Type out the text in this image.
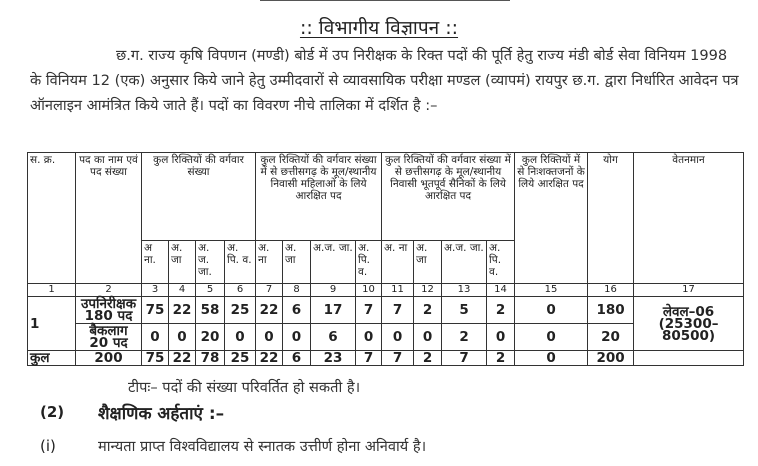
:: विभागीय विज्ञापन ::
छ.ग. राज्य कृषि विपणन (मण्डी) बोर्ड में उप निरीक्षक के रिक्त पदों की पूर्ति हेतु राज्य मंडी बोर्ड सेवा विनियम 1998 के विनियम 12 (एक) अनुसार किये जाने हेतु उम्मीदवारों से व्यावसायिक परीक्षा मण्डल (व्यापमं) रायपुर छ.ग. द्वारा निर्धारित आवेदन पत्र ऑनलाइन आमंत्रित किये जाते हैं। पदों का विवरण नीचे तालिका में दर्शित है :–
स. क्र.	पद का नाम एवं पद संख्या	कुल रिक्तियों की वर्गवार संख्या				कुल रिक्तियों की वर्गवार संख्या में से छत्तीसगढ़ के मूल/स्थानीय निवासी महिलाओं के लिये आरक्षित पद				कुल रिक्तियों की वर्गवार संख्या में से छत्तीसगढ़ के मूल/स्थानीय निवासी भूतपूर्व सैनिकों के लिये आरक्षित पद				कुल रिक्तियों में से निःशक्तजनों के लिये आरक्षित पद	योग	वेतनमान
		अ ना.	अ. जा	अ. ज. जा.	अ. पि. व.	अ. ना	अ. जा	अ.ज. जा.	अ. पि. व.	अ. ना	अ. जा	अ.ज. जा.	अ. पि. व.			
1	2	3	4	5	6	7	8	9	10	11	12	13	14	15	16	17
1	उपनिरीक्षक 180 पद	75	22	58	25	22	6	17	7	7	2	5	2	0	180	लेवल–06 (25300–80500)
	बैकलाग 20 पद	0	0	20	0	0	0	6	0	0	0	2	0	0	20	
कुल	200	75	22	78	25	22	6	23	7	7	2	7	2	0	200	
टीपः– पदों की संख्या परिवर्तित हो सकती है।
(2) शैक्षणिक अर्हताएं :–
(i)	मान्यता प्राप्त विश्वविद्यालय से स्नातक उत्तीर्ण होना अनिवार्य है।
